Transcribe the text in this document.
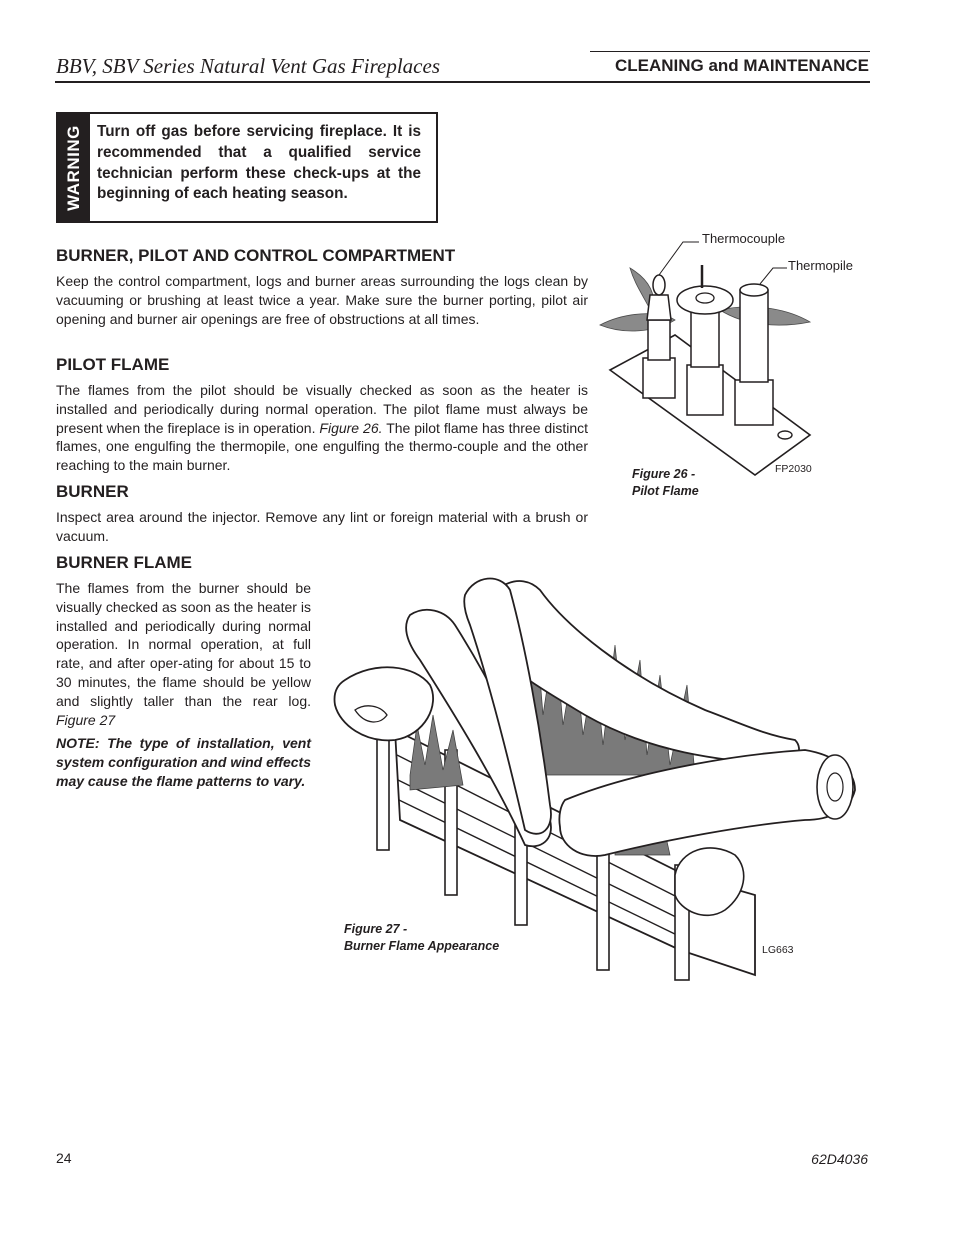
BBV, SBV Series Natural Vent Gas Fireplaces	CLEANING and MAINTENANCE
WARNING Turn off gas before servicing fireplace. It is recommended that a qualified service technician perform these check-ups at the beginning of each heating season.
BURNER, PILOT AND CONTROL COMPARTMENT

Keep the control compartment, logs and burner areas surrounding the logs clean by vacuuming or brushing at least twice a year. Make sure the burner porting, pilot air opening and burner air openings are free of obstructions at all times.

PILOT FLAME

The flames from the pilot should be visually checked as soon as the heater is installed and periodically during normal operation. The pilot flame must always be present when the fireplace is in operation. Figure 26. The pilot flame has three distinct flames, one engulfing the thermopile, one engulfing the thermo-couple and the other reaching to the main burner.

BURNER

Inspect area around the injector. Remove any lint or foreign material with a brush or vacuum.

BURNER FLAME

The flames from the burner should be visually checked as soon as the heater is installed and periodically during normal operation. In normal operation, at full rate, and after oper-ating for about 15 to 30 minutes, the flame should be yellow and slightly taller than the rear log. Figure 27

NOTE: The type of installation, vent system configuration and wind effects may cause the flame patterns to vary.

Thermocouple
Thermopile
FP2030
Figure 26 -
Pilot Flame
Figure 27 -
Burner Flame Appearance	LG663
24	62D4036
